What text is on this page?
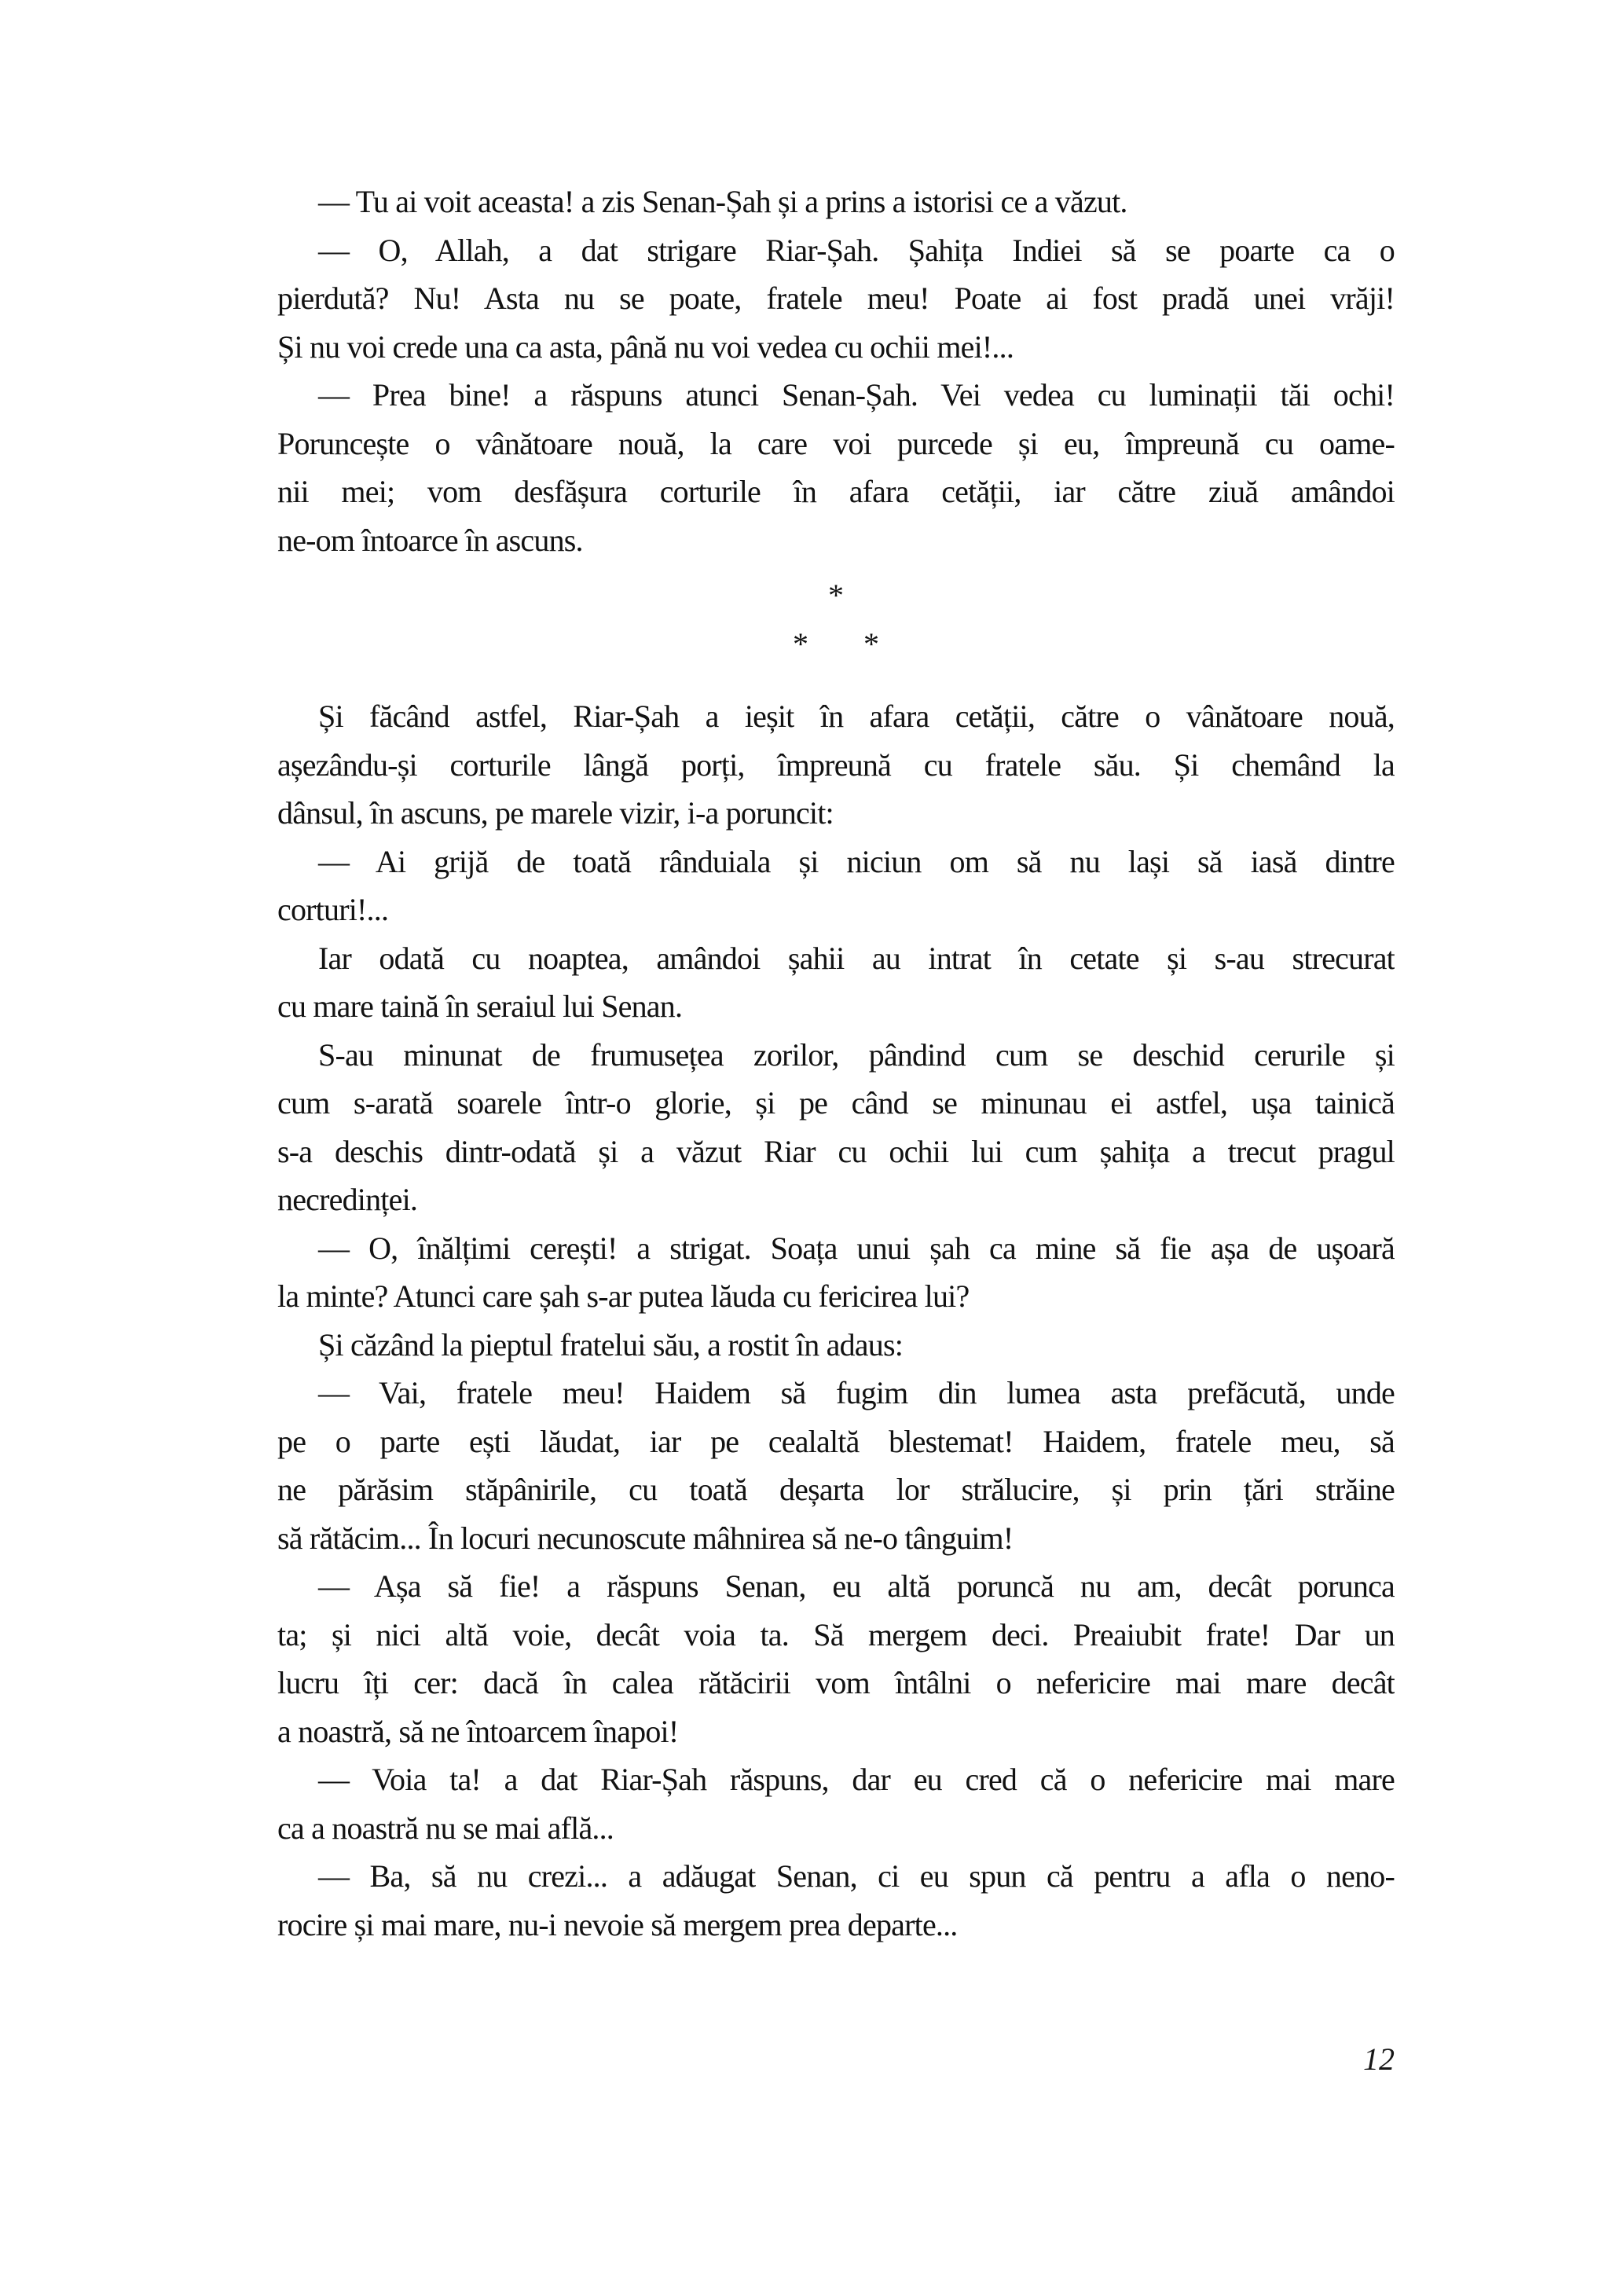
— Tu ai voit aceasta! a zis Senan-Șah și a prins a istorisi ce a văzut.
— O, Allah, a dat strigare Riar-Șah. Șahița Indiei să se poarte ca o
pierdută? Nu! Asta nu se poate, fratele meu! Poate ai fost pradă unei vrăji!
Și nu voi crede una ca asta, până nu voi vedea cu ochii mei!...
— Prea bine! a răspuns atunci Senan-Șah. Vei vedea cu luminații tăi ochi!
Poruncește o vânătoare nouă, la care voi purcede și eu, împreună cu oame-
nii mei; vom desfășura corturile în afara cetății, iar către ziuă amândoi
ne-om întoarce în ascuns.
*
* *
Și făcând astfel, Riar-Șah a ieșit în afara cetății, către o vânătoare nouă,
așezându-și corturile lângă porți, împreună cu fratele său. Și chemând la
dânsul, în ascuns, pe marele vizir, i-a poruncit:
— Ai grijă de toată rânduiala și niciun om să nu lași să iasă dintre
corturi!...
Iar odată cu noaptea, amândoi șahii au intrat în cetate și s-au strecurat
cu mare taină în seraiul lui Senan.
S-au minunat de frumusețea zorilor, pândind cum se deschid cerurile și
cum s-arată soarele într-o glorie, și pe când se minunau ei astfel, ușa tainică
s-a deschis dintr-odată și a văzut Riar cu ochii lui cum șahița a trecut pragul
necredinței.
— O, înălțimi cerești! a strigat. Soața unui șah ca mine să fie așa de ușoară
la minte? Atunci care șah s-ar putea lăuda cu fericirea lui?
Și căzând la pieptul fratelui său, a rostit în adaus:
— Vai, fratele meu! Haidem să fugim din lumea asta prefăcută, unde
pe o parte ești lăudat, iar pe cealaltă blestemat! Haidem, fratele meu, să
ne părăsim stăpânirile, cu toată deșarta lor strălucire, și prin țări străine
să rătăcim... În locuri necunoscute mâhnirea să ne-o tânguim!
— Așa să fie! a răspuns Senan, eu altă poruncă nu am, decât porunca
ta; și nici altă voie, decât voia ta. Să mergem deci. Preaiubit frate! Dar un
lucru îți cer: dacă în calea rătăcirii vom întâlni o nefericire mai mare decât
a noastră, să ne întoarcem înapoi!
— Voia ta! a dat Riar-Șah răspuns, dar eu cred că o nefericire mai mare
ca a noastră nu se mai află...
— Ba, să nu crezi... a adăugat Senan, ci eu spun că pentru a afla o neno-
rocire și mai mare, nu-i nevoie să mergem prea departe...
12
